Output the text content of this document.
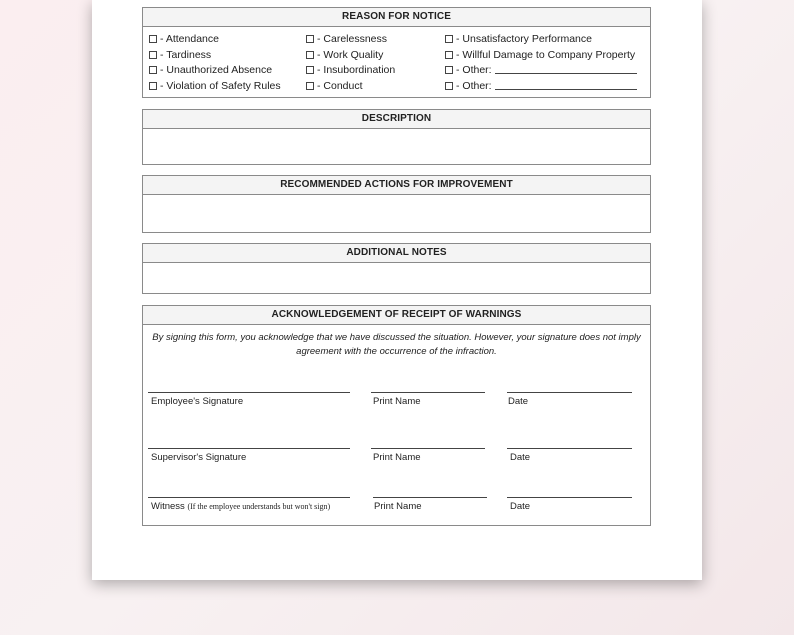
REASON FOR NOTICE
- Attendance
- Tardiness
- Unauthorized Absence
- Violation of Safety Rules
- Carelessness
- Work Quality
- Insubordination
- Conduct
- Unsatisfactory Performance
- Willful Damage to Company Property
- Other:
- Other:
DESCRIPTION
RECOMMENDED ACTIONS FOR IMPROVEMENT
ADDITIONAL NOTES
ACKNOWLEDGEMENT OF RECEIPT OF WARNINGS
By signing this form, you acknowledge that we have discussed the situation. However, your signature does not imply agreement with the occurrence of the infraction.
Employee's Signature	Print Name	Date
Supervisor's Signature	Print Name	Date
Witness (If the employee understands but won't sign)	Print Name	Date
